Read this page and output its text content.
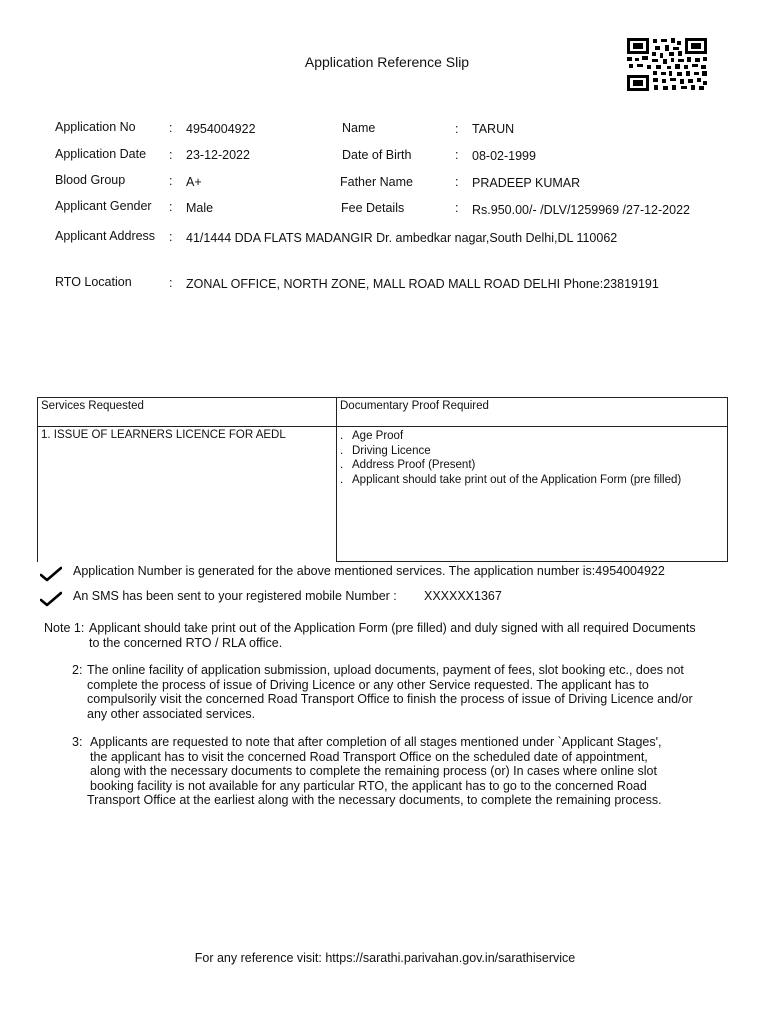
Application Reference Slip
Application No	:	4954004922	Name	:	TARUN
Application Date :	23-12-2022	Date of Birth	:	08-02-1999
Blood Group	:	A+	Father Name	:	PRADEEP KUMAR
Applicant Gender :	Male	Fee Details	:	Rs.950.00/- /DLV/1259969 /27-12-2022
Applicant Address :	41/1444 DDA FLATS MADANGIR Dr. ambedkar nagar,South Delhi,DL 110062
RTO Location	:	ZONAL OFFICE, NORTH ZONE, MALL ROAD MALL ROAD DELHI Phone:23819191
Services Requested	Documentary Proof Required
1. ISSUE OF LEARNERS LICENCE FOR AEDL	. Age Proof
. Driving Licence
. Address Proof (Present)
. Applicant should take print out of the Application Form (pre filled)
Application Number is generated for the above mentioned services. The application number is:4954004922
An SMS has been sent to your registered mobile Number : XXXXXX1367
Note 1: Applicant should take print out of the Application Form (pre filled) and duly signed with all required Documents
to the concerned RTO / RLA office.
2: The online facility of application submission, upload documents, payment of fees, slot booking etc., does not
complete the process of issue of Driving Licence or any other Service requested. The applicant has to
compulsorily visit the concerned Road Transport Office to finish the process of issue of Driving Licence and/or
any other associated services.
3: Applicants are requested to note that after completion of all stages mentioned under `Applicant Stages',
the applicant has to visit the concerned Road Transport Office on the scheduled date of appointment,
along with the necessary documents to complete the remaining process (or) In cases where online slot
booking facility is not available for any particular RTO, the applicant has to go to the concerned Road
Transport Office at the earliest along with the necessary documents, to complete the remaining process.
For any reference visit: https://sarathi.parivahan.gov.in/sarathiservice
